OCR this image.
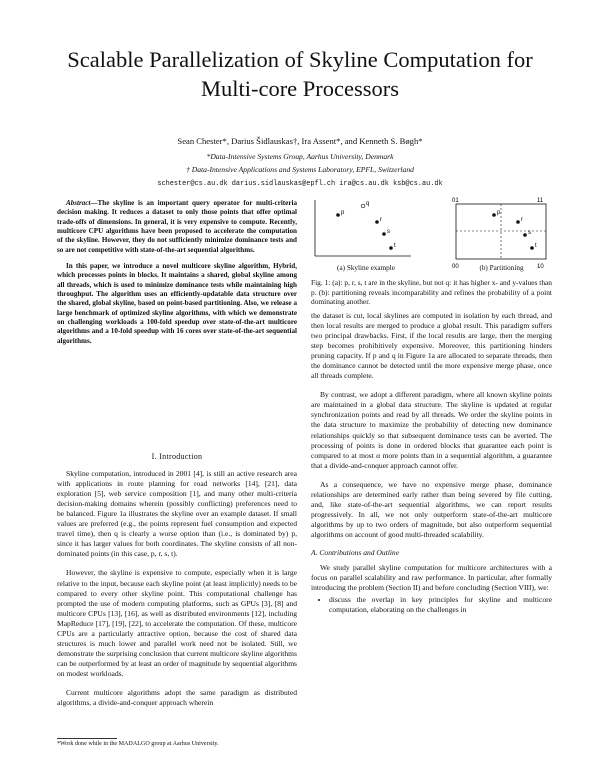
Scalable Parallelization of Skyline Computation for Multi-core Processors
Sean Chester*, Darius Šidlauskas†, Ira Assent*, and Kenneth S. Bøgh*
*Data-Intensive Systems Group, Aarhus University, Denmark
† Data-Intensive Applications and Systems Laboratory, EPFL, Switzerland
schester@cs.au.dk darius.sidlauskas@epfl.ch ira@cs.au.dk ksb@cs.au.dk

Abstract—The skyline is an important query operator for multi-criteria decision making. It reduces a dataset to only those points that offer optimal trade-offs of dimensions. In general, it is very expensive to compute. Recently, multicore CPU algorithms have been proposed to accelerate the computation of the skyline. However, they do not sufficiently minimize dominance tests and so are not competitive with state-of-the-art sequential algorithms.

In this paper, we introduce a novel multicore skyline algorithm, Hybrid, which processes points in blocks. It maintains a shared, global skyline among all threads, which is used to minimize dominance tests while maintaining high throughput. The algorithm uses an efficiently-updatable data structure over the shared, global skyline, based on point-based partitioning. Also, we release a large benchmark of optimized skyline algorithms, with which we demonstrate on challenging workloads a 100-fold speedup over state-of-the-art multicore algorithms and a 10-fold speedup with 16 cores over state-of-the-art sequential algorithms.

I. Introduction

Skyline computation, introduced in 2001 [4], is still an active research area with applications in route planning for road networks [14], [21], data exploration [5], web service composition [1], and many other multi-criteria decision-making domains wherein (possibly conflicting) preferences need to be balanced. Figure 1a illustrates the skyline over an example dataset. If small values are preferred (e.g., the points represent fuel consumption and expected travel time), then q is clearly a worse option than (i.e., is dominated by) p, since it has larger values for both coordinates. The skyline consists of all non-dominated points (in this case, p, r, s, t).

However, the skyline is expensive to compute, especially when it is large relative to the input, because each skyline point (at least implicitly) needs to be compared to every other skyline point. This computational challenge has prompted the use of modern computing platforms, such as GPUs [3], [8] and multicore CPUs [13], [16], as well as distributed environments [12], including MapReduce [17], [19], [22], to accelerate the computation. Of these, multicore CPUs are a particularly attractive option, because the cost of shared data structures is much lower and parallel work need not be isolated. Still, we demonstrate the surprising conclusion that current multicore skyline algorithms can be outperformed by at least an order of magnitude by sequential algorithms on modest workloads.

Current multicore algorithms adopt the same paradigm as distributed algorithms, a divide-and-conquer approach wherein

*Work done while in the MADALGO group at Aarhus University.
p
q
r
s
t
01	11
00	10
p
r
s
t
(a) Skyline example	(b) Partitioning
Fig. 1: (a): p, r, s, t are in the skyline, but not q: it has higher x- and y-values than p. (b): partitioning reveals incomparability and refines the probability of a point dominating another.

the dataset is cut, local skylines are computed in isolation by each thread, and then local results are merged to produce a global result. This paradigm suffers two principal drawbacks. First, if the local results are large, then the merging step becomes prohibitively expensive. Moreover, this partitioning hinders pruning capacity. If p and q in Figure 1a are allocated to separate threads, then the dominance cannot be detected until the more expensive merge phase, once all threads complete.

By contrast, we adopt a different paradigm, where all known skyline points are maintained in a global data structure. The skyline is updated at regular synchronization points and read by all threads. We order the skyline points in the data structure to maximize the probability of detecting new dominance relationships quickly so that subsequent dominance tests can be averted. The processing of points is done in ordered blocks that guarantee each point is compared to at most α more points than in a sequential algorithm, a guarantee that a divide-and-conquer approach cannot offer.

As a consequence, we have no expensive merge phase, dominance relationships are determined early rather than being severed by file cutting, and, like state-of-the-art sequential algorithms, we can report results progressively. In all, we not only outperform state-of-the-art multicore algorithms by up to two orders of magnitude, but also outperform sequential algorithms on account of good multi-threaded scalability.

A. Contributions and Outline

We study parallel skyline computation for multicore architectures with a focus on parallel scalability and raw performance. In particular, after formally introducing the problem (Section II) and before concluding (Section VIII), we:

• discuss the overlap in key principles for skyline and multicore computation, elaborating on the challenges in
